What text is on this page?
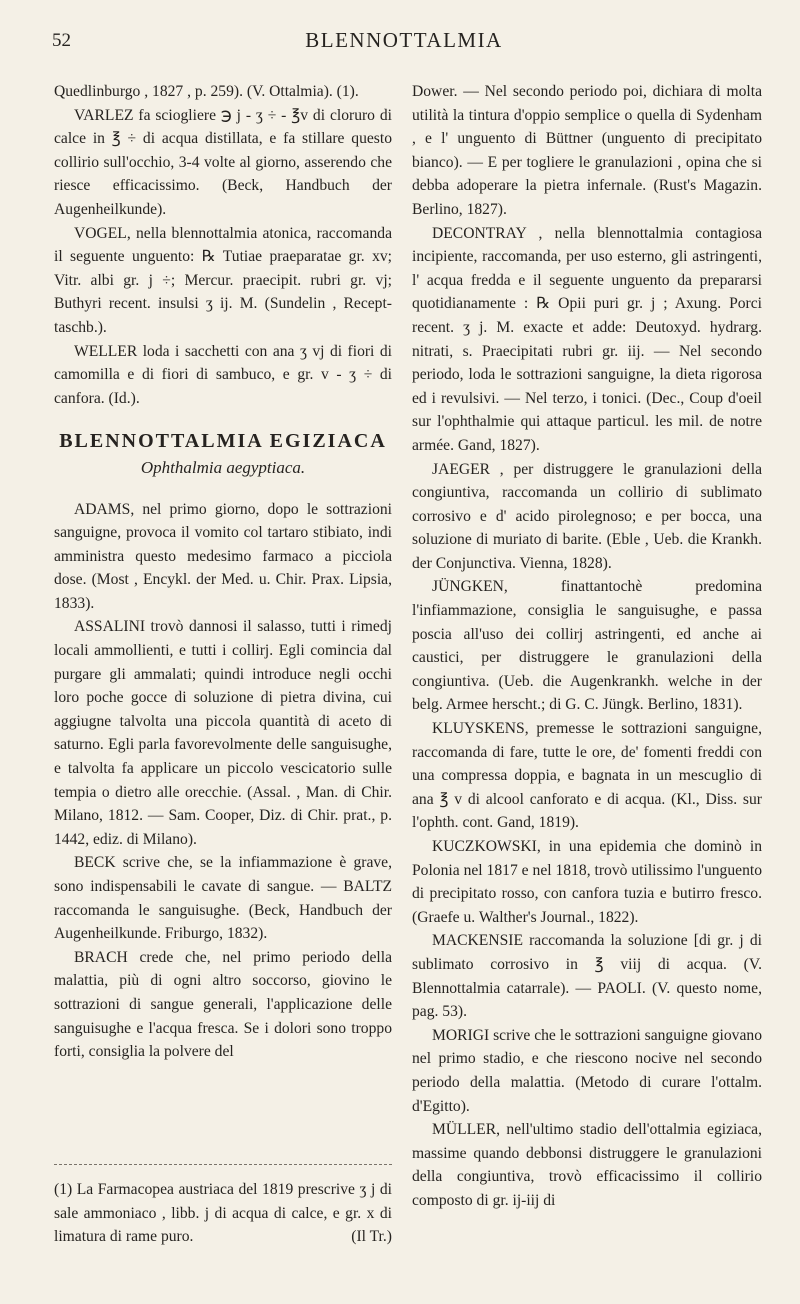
52	BLENNOTTALMIA

Quedlinburgo , 1827 , p. 259). (V. Ottalmia). (1).

VARLEZ fa sciogliere ℈ j - ʒ ÷ - ℥v di cloruro di calce in ℥ ÷ di acqua distillata, e fa stillare questo collirio sull'occhio, 3-4 volte al giorno, asserendo che riesce efficacissimo. (Beck, Handbuch der Augenheilkunde).

VOGEL, nella blennottalmia atonica, raccomanda il seguente unguento: ℞ Tutiae praeparatae gr. xv; Vitr. albi gr. j ÷; Mercur. praecipit. rubri gr. vj; Buthyri recent. insulsi ʒ ij. M. (Sundelin , Recept-taschb.).

WELLER loda i sacchetti con ana ʒ vj di fiori di camomilla e di fiori di sambuco, e gr. v - ʒ ÷ di canfora. (Id.).

BLENNOTTALMIA EGIZIACA
Ophthalmia aegyptiaca.

ADAMS, nel primo giorno, dopo le sottrazioni sanguigne, provoca il vomito col tartaro stibiato, indi amministra questo medesimo farmaco a picciola dose. (Most , Encykl. der Med. u. Chir. Prax. Lipsia, 1833).

ASSALINI trovò dannosi il salasso, tutti i rimedj locali ammollienti, e tutti i collirj. Egli comincia dal purgare gli ammalati; quindi introduce negli occhi loro poche gocce di soluzione di pietra divina, cui aggiugne talvolta una piccola quantità di aceto di saturno. Egli parla favorevolmente delle sanguisughe, e talvolta fa applicare un piccolo vescicatorio sulle tempia o dietro alle orecchie. (Assal. , Man. di Chir. Milano, 1812. — Sam. Cooper, Diz. di Chir. prat., p. 1442, ediz. di Milano).

BECK scrive che, se la infiammazione è grave, sono indispensabili le cavate di sangue. — BALTZ raccomanda le sanguisughe. (Beck, Handbuch der Augenheilkunde. Friburgo, 1832).

BRACH crede che, nel primo periodo della malattia, più di ogni altro soccorso, giovino le sottrazioni di sangue generali, l'applicazione delle sanguisughe e l'acqua fresca. Se i dolori sono troppo forti, consiglia la polvere del

(1) La Farmacopea austriaca del 1819 prescrive ʒ j di sale ammoniaco , libb. j di acqua di calce, e gr. x di limatura di rame puro.	(Il Tr.)

Dower. — Nel secondo periodo poi, dichiara di molta utilità la tintura d'oppio semplice o quella di Sydenham , e l' unguento di Büttner (unguento di precipitato bianco). — E per togliere le granulazioni , opina che si debba adoperare la pietra infernale. (Rust's Magazin. Berlino, 1827).

DECONTRAY , nella blennottalmia contagiosa incipiente, raccomanda, per uso esterno, gli astringenti, l' acqua fredda e il seguente unguento da prepararsi quotidianamente : ℞ Opii puri gr. j ; Axung. Porci recent. ʒ j. M. exacte et adde: Deutoxyd. hydrarg. nitrati, s. Praecipitati rubri gr. iij. — Nel secondo periodo, loda le sottrazioni sanguigne, la dieta rigorosa ed i revulsivi. — Nel terzo, i tonici. (Dec., Coup d'oeil sur l'ophthalmie qui attaque particul. les mil. de notre armée. Gand, 1827).

JAEGER , per distruggere le granulazioni della congiuntiva, raccomanda un collirio di sublimato corrosivo e d' acido pirolegnoso; e per bocca, una soluzione di muriato di barite. (Eble , Ueb. die Krankh. der Conjunctiva. Vienna, 1828).

JÜNGKEN, finattantochè predomina l'infiammazione, consiglia le sanguisughe, e passa poscia all'uso dei collirj astringenti, ed anche ai caustici, per distruggere le granulazioni della congiuntiva. (Ueb. die Augenkrankh. welche in der belg. Armee herscht.; di G. C. Jüngk. Berlino, 1831).

KLUYSKENS, premesse le sottrazioni sanguigne, raccomanda di fare, tutte le ore, de' fomenti freddi con una compressa doppia, e bagnata in un mescuglio di ana ℥ v di alcool canforato e di acqua. (Kl., Diss. sur l'ophth. cont. Gand, 1819).

KUCZKOWSKI, in una epidemia che dominò in Polonia nel 1817 e nel 1818, trovò utilissimo l'unguento di precipitato rosso, con canfora tuzia e butirro fresco. (Graefe u. Walther's Journal., 1822).

MACKENSIE raccomanda la soluzione [di gr. j di sublimato corrosivo in ℥ viij di acqua. (V. Blennottalmia catarrale). — PAOLI. (V. questo nome, pag. 53).

MORIGI scrive che le sottrazioni sanguigne giovano nel primo stadio, e che riescono nocive nel secondo periodo della malattia. (Metodo di curare l'ottalm. d'Egitto).

MÜLLER, nell'ultimo stadio dell'ottalmia egiziaca, massime quando debbonsi distruggere le granulazioni della congiuntiva, trovò efficacissimo il collirio composto di gr. ij-iij di
